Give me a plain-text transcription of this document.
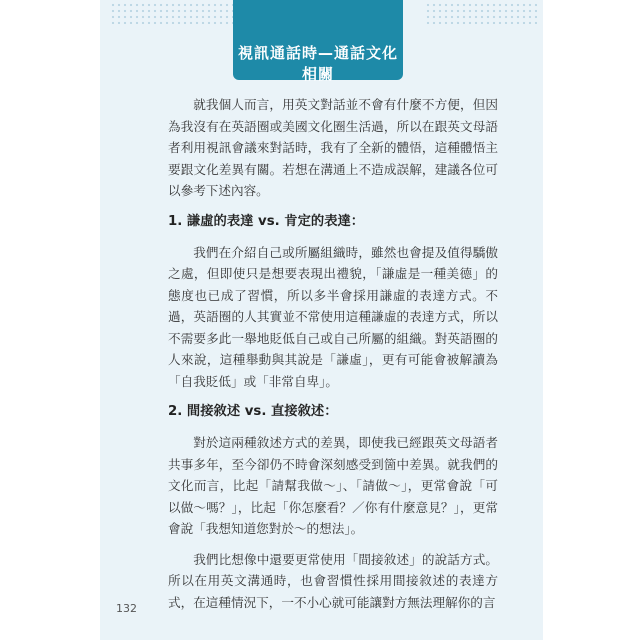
視訊通話時—通話文化相關

就我個人而言，用英文對話並不會有什麼不方便，但因為我沒有在英語圈或美國文化圈生活過，所以在跟英文母語者利用視訊會議來對話時，我有了全新的體悟，這種體悟主要跟文化差異有關。若想在溝通上不造成誤解，建議各位可以參考下述內容。

1. 謙虛的表達 vs. 肯定的表達：

我們在介紹自己或所屬組織時，雖然也會提及值得驕傲之處，但即使只是想要表現出禮貌，「謙虛是一種美德」的態度也已成了習慣，所以多半會採用謙虛的表達方式。不過，英語圈的人其實並不常使用這種謙虛的表達方式，所以不需要多此一舉地貶低自己或自己所屬的組織。對英語圈的人來說，這種舉動與其說是「謙虛」，更有可能會被解讀為「自我貶低」或「非常自卑」。

2. 間接敘述 vs. 直接敘述：

對於這兩種敘述方式的差異，即使我已經跟英文母語者共事多年，至今卻仍不時會深刻感受到箇中差異。就我們的文化而言，比起「請幫我做～」、「請做～」，更常會說「可以做～嗎？」，比起「你怎麼看？／你有什麼意見？」，更常會說「我想知道您對於～的想法」。

我們比想像中還要更常使用「間接敘述」的說話方式。所以在用英文溝通時，也會習慣性採用間接敘述的表達方式，在這種情況下，一不小心就可能讓對方無法理解你的言

132
